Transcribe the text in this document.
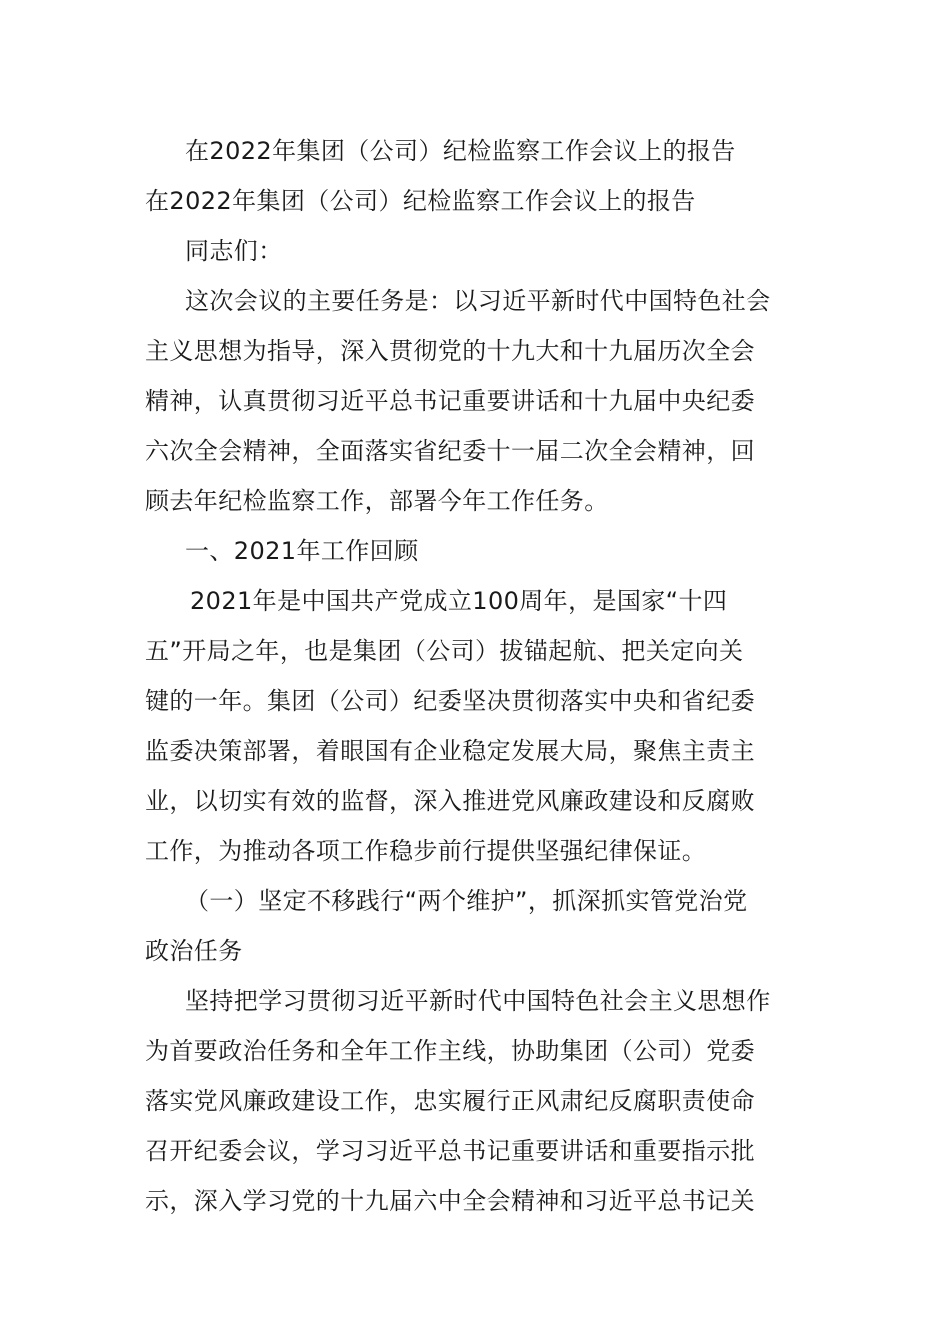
在2022年集团（公司）纪检监察工作会议上的报告
在2022年集团（公司）纪检监察工作会议上的报告
同志们：
这次会议的主要任务是：以习近平新时代中国特色社会
主义思想为指导，深入贯彻党的十九大和十九届历次全会
精神，认真贯彻习近平总书记重要讲话和十九届中央纪委
六次全会精神，全面落实省纪委十一届二次全会精神，回
顾去年纪检监察工作，部署今年工作任务。
一、2021年工作回顾
2021年是中国共产党成立100周年，是国家“十四
五”开局之年，也是集团（公司）拔锚起航、把关定向关
键的一年。集团（公司）纪委坚决贯彻落实中央和省纪委
监委决策部署，着眼国有企业稳定发展大局，聚焦主责主
业，以切实有效的监督，深入推进党风廉政建设和反腐败
工作，为推动各项工作稳步前行提供坚强纪律保证。
（一）坚定不移践行“两个维护”，抓深抓实管党治党
政治任务
坚持把学习贯彻习近平新时代中国特色社会主义思想作
为首要政治任务和全年工作主线，协助集团（公司）党委
落实党风廉政建设工作，忠实履行正风肃纪反腐职责使命
召开纪委会议，学习习近平总书记重要讲话和重要指示批
示，深入学习党的十九届六中全会精神和习近平总书记关
